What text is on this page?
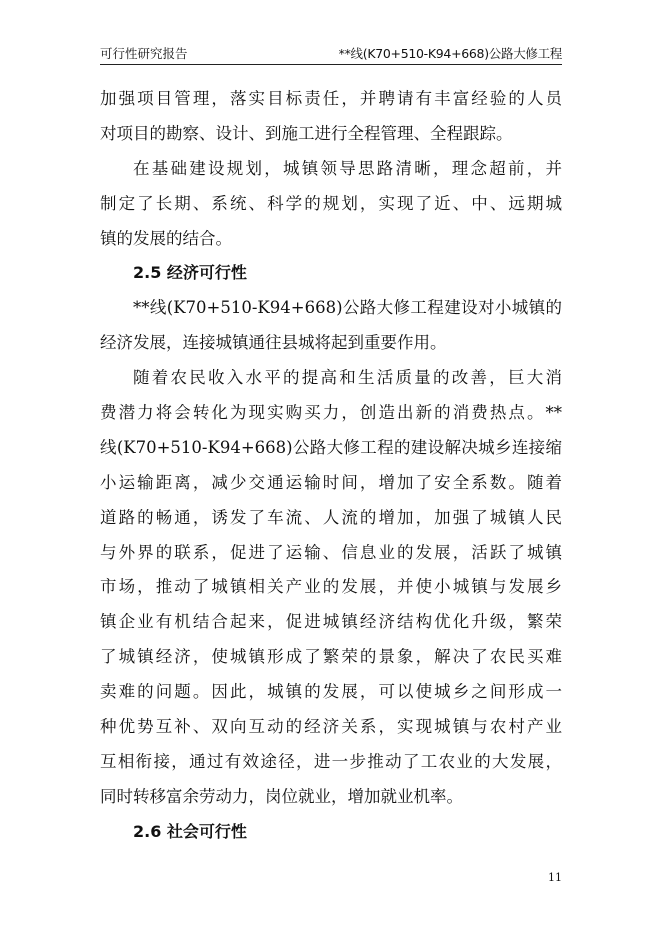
可行性研究报告	**线(K70+510-K94+668)公路大修工程
加强项目管理，落实目标责任，并聘请有丰富经验的人员
对项目的勘察、设计、到施工进行全程管理、全程跟踪。
在基础建设规划，城镇领导思路清晰，理念超前，并
制定了长期、系统、科学的规划，实现了近、中、远期城
镇的发展的结合。
2.5 经济可行性
**线(K70+510-K94+668)公路大修工程建设对小城镇的
经济发展，连接城镇通往县城将起到重要作用。
随着农民收入水平的提高和生活质量的改善，巨大消
费潜力将会转化为现实购买力，创造出新的消费热点。**
线(K70+510-K94+668)公路大修工程的建设解决城乡连接缩
小运输距离，减少交通运输时间，增加了安全系数。随着
道路的畅通，诱发了车流、人流的增加，加强了城镇人民
与外界的联系，促进了运输、信息业的发展，活跃了城镇
市场，推动了城镇相关产业的发展，并使小城镇与发展乡
镇企业有机结合起来，促进城镇经济结构优化升级，繁荣
了城镇经济，使城镇形成了繁荣的景象，解决了农民买难
卖难的问题。因此，城镇的发展，可以使城乡之间形成一
种优势互补、双向互动的经济关系，实现城镇与农村产业
互相衔接，通过有效途径，进一步推动了工农业的大发展，
同时转移富余劳动力，岗位就业，增加就业机率。
2.6 社会可行性
11
